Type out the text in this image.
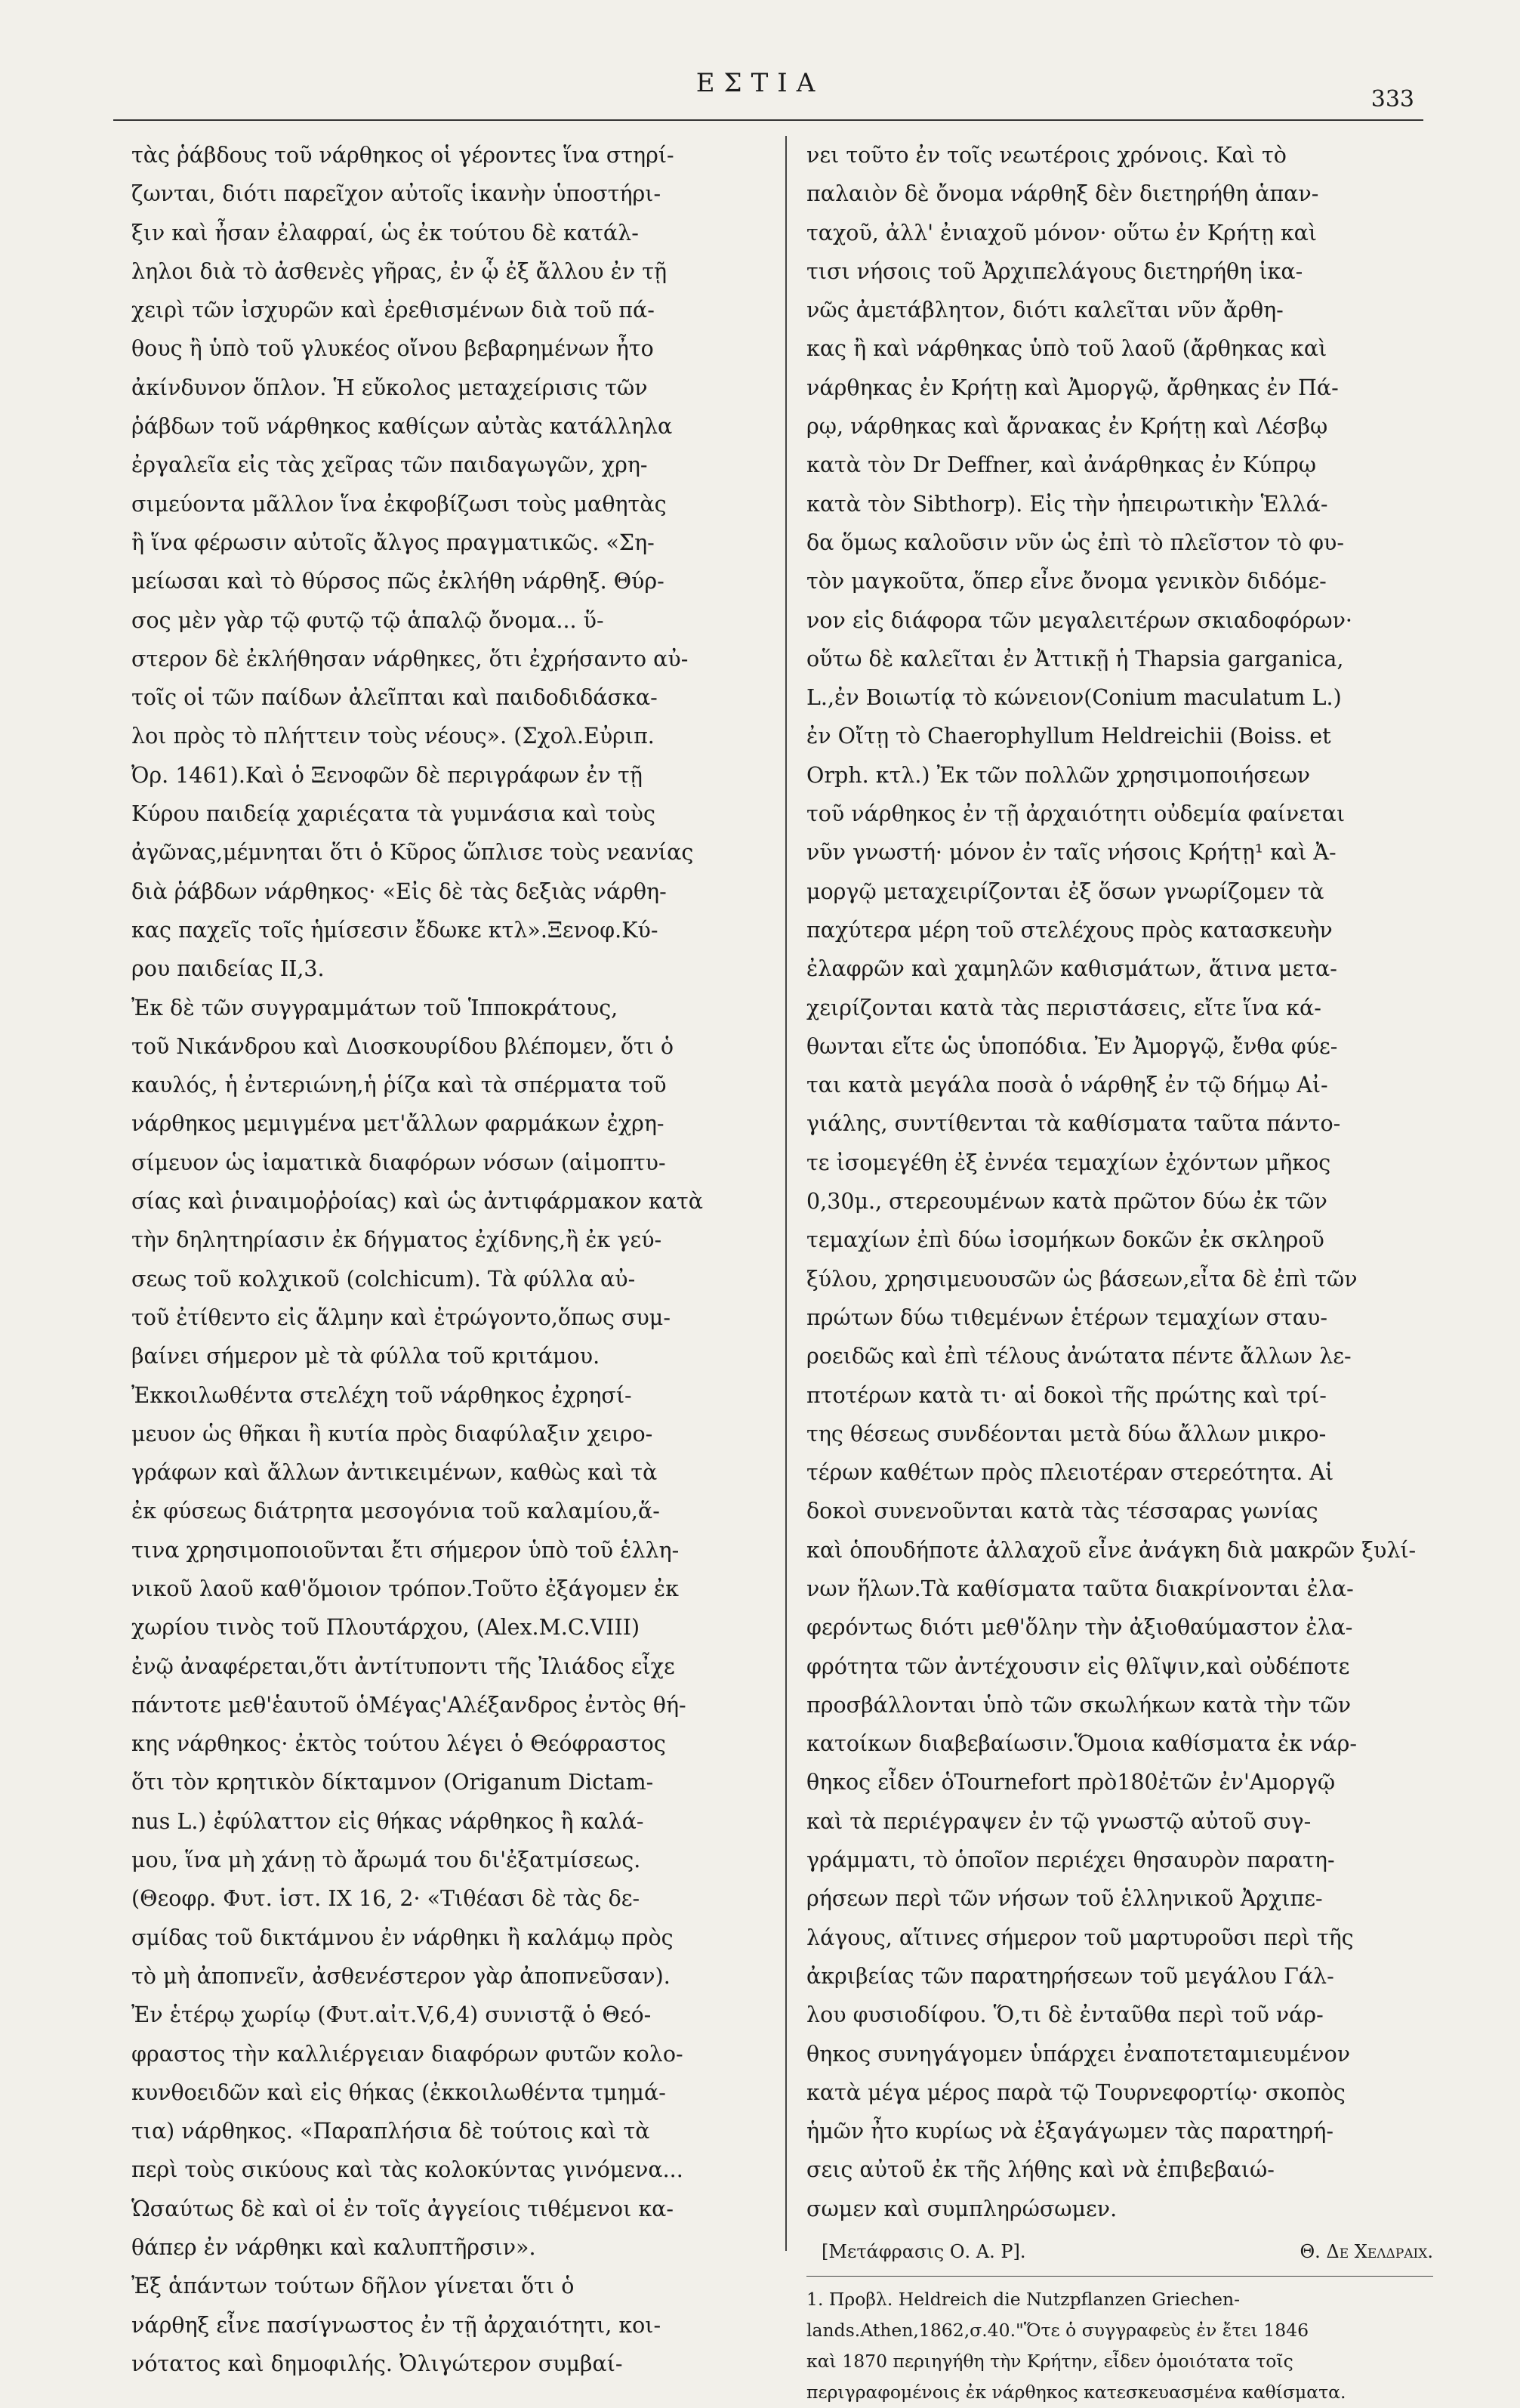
ΕΣΤΙΑ
333
τὰς ῥάβδους τοῦ νάρθηκος οἱ γέροντες ἵνα στηρί-
ζωνται, διότι παρεῖχον αὐτοῖς ἱκανὴν ὑποστήρι-
ξιν καὶ ἦσαν ἐλαφραί, ὡς ἐκ τούτου δὲ κατάλ-
ληλοι διὰ τὸ ἀσθενὲς γῆρας, ἐν ᾧ ἐξ ἄλλου ἐν τῇ
χειρὶ τῶν ἰσχυρῶν καὶ ἐρεθισμένων διὰ τοῦ πά-
θους ἢ ὑπὸ τοῦ γλυκέος οἴνου βεβαρημένων ἦτο
ἀκίνδυνον ὅπλον. Ἡ εὔκολος μεταχείρισις τῶν
ῥάβδων τοῦ νάρθηκος καθίςων αὐτὰς κατάλληλα
ἐργαλεῖα εἰς τὰς χεῖρας τῶν παιδαγωγῶν, χρη-
σιμεύοντα μᾶλλον ἵνα ἐκφοβίζωσι τοὺς μαθητὰς
ἢ ἵνα φέρωσιν αὐτοῖς ἄλγος πραγματικῶς. «Ση-
μείωσαι καὶ τὸ θύρσος πῶς ἐκλήθη νάρθηξ. Θύρ-
σος μὲν γὰρ τῷ φυτῷ τῷ ἁπαλῷ ὄνομα... ὕ-
στερον δὲ ἐκλήθησαν νάρθηκες, ὅτι ἐχρήσαντο αὐ-
τοῖς οἱ τῶν παίδων ἀλεῖπται καὶ παιδοδιδάσκα-
λοι πρὸς τὸ πλήττειν τοὺς νέους». (Σχολ.Εὐριπ.
Ὀρ. 1461).Καὶ ὁ Ξενοφῶν δὲ περιγράφων ἐν τῇ
Κύρου παιδείᾳ χαριέςατα τὰ γυμνάσια καὶ τοὺς
ἀγῶνας,μέμνηται ὅτι ὁ Κῦρος ὥπλισε τοὺς νεανίας
διὰ ῥάβδων νάρθηκος· «Εἰς δὲ τὰς δεξιὰς νάρθη-
κας παχεῖς τοῖς ἡμίσεσιν ἔδωκε κτλ».Ξενοφ.Κύ-
ρου παιδείας ΙΙ,3.
Ἐκ δὲ τῶν συγγραμμάτων τοῦ Ἱπποκράτους,
τοῦ Νικάνδρου καὶ Διοσκουρίδου βλέπομεν, ὅτι ὁ
καυλός, ἡ ἐντεριώνη,ἡ ῥίζα καὶ τὰ σπέρματα τοῦ
νάρθηκος μεμιγμένα μετ'ἄλλων φαρμάκων ἐχρη-
σίμευον ὡς ἰαματικὰ διαφόρων νόσων (αἱμοπτυ-
σίας καὶ ῥιναιμοῤῥοίας) καὶ ὡς ἀντιφάρμακον κατὰ
τὴν δηλητηρίασιν ἐκ δήγματος ἐχίδνης,ἢ ἐκ γεύ-
σεως τοῦ κολχικοῦ (colchicum). Τὰ φύλλα αὐ-
τοῦ ἐτίθεντο εἰς ἅλμην καὶ ἐτρώγοντο,ὅπως συμ-
βαίνει σήμερον μὲ τὰ φύλλα τοῦ κριτάμου.
Ἐκκοιλωθέντα στελέχη τοῦ νάρθηκος ἐχρησί-
μευον ὡς θῆκαι ἢ κυτία πρὸς διαφύλαξιν χειρο-
γράφων καὶ ἄλλων ἀντικειμένων, καθὼς καὶ τὰ
ἐκ φύσεως διάτρητα μεσογόνια τοῦ καλαμίου,ἅ-
τινα χρησιμοποιοῦνται ἔτι σήμερον ὑπὸ τοῦ ἑλλη-
νικοῦ λαοῦ καθ'ὅμοιον τρόπον.Τοῦτο ἐξάγομεν ἐκ
χωρίου τινὸς τοῦ Πλουτάρχου, (Alex.M.C.VIII)
ἐνῷ ἀναφέρεται,ὅτι ἀντίτυποντι τῆς Ἰλιάδος εἶχε
πάντοτε μεθ'ἑαυτοῦ ὁΜέγας'Αλέξανδρος ἐντὸς θή-
κης νάρθηκος· ἐκτὸς τούτου λέγει ὁ Θεόφραστος
ὅτι τὸν κρητικὸν δίκταμνον (Origanum Dictam-
nus L.) ἐφύλαττον εἰς θήκας νάρθηκος ἢ καλά-
μου, ἵνα μὴ χάνῃ τὸ ἄρωμά του δι'ἐξατμίσεως.
(Θεοφρ. Φυτ. ἱστ. ΙΧ 16, 2· «Τιθέασι δὲ τὰς δε-
σμίδας τοῦ δικτάμνου ἐν νάρθηκι ἢ καλάμῳ πρὸς
τὸ μὴ ἀποπνεῖν, ἀσθενέστερον γὰρ ἀποπνεῦσαν).
Ἐν ἑτέρῳ χωρίῳ (Φυτ.αἰτ.V,6,4) συνιστᾷ ὁ Θεό-
φραστος τὴν καλλιέργειαν διαφόρων φυτῶν κολο-
κυνθοειδῶν καὶ εἰς θήκας (ἐκκοιλωθέντα τμημά-
τια) νάρθηκος. «Παραπλήσια δὲ τούτοις καὶ τὰ
περὶ τοὺς σικύους καὶ τὰς κολοκύντας γινόμενα...
Ὡσαύτως δὲ καὶ οἱ ἐν τοῖς ἀγγείοις τιθέμενοι κα-
θάπερ ἐν νάρθηκι καὶ καλυπτῆρσιν».
Ἐξ ἁπάντων τούτων δῆλον γίνεται ὅτι ὁ
νάρθηξ εἶνε πασίγνωστος ἐν τῇ ἀρχαιότητι, κοι-
νότατος καὶ δημοφιλής. Ὀλιγώτερον συμβαί-
νει τοῦτο ἐν τοῖς νεωτέροις χρόνοις. Καὶ τὸ
παλαιὸν δὲ ὄνομα νάρθηξ δὲν διετηρήθη ἁπαν-
ταχοῦ, ἀλλ' ἐνιαχοῦ μόνον· οὕτω ἐν Κρήτῃ καὶ
τισι νήσοις τοῦ Ἀρχιπελάγους διετηρήθη ἱκα-
νῶς ἀμετάβλητον, διότι καλεῖται νῦν ἄρθη-
κας ἢ καὶ νάρθηκας ὑπὸ τοῦ λαοῦ (ἄρθηκας καὶ
νάρθηκας ἐν Κρήτῃ καὶ Ἀμοργῷ, ἄρθηκας ἐν Πά-
ρῳ, νάρθηκας καὶ ἄρνακας ἐν Κρήτῃ καὶ Λέσβῳ
κατὰ τὸν Dr Deffner, καὶ ἀνάρθηκας ἐν Κύπρῳ
κατὰ τὸν Sibthorp). Εἰς τὴν ἠπειρωτικὴν Ἑλλά-
δα ὅμως καλοῦσιν νῦν ὡς ἐπὶ τὸ πλεῖστον τὸ φυ-
τὸν μαγκοῦτα, ὅπερ εἶνε ὄνομα γενικὸν διδόμε-
νον εἰς διάφορα τῶν μεγαλειτέρων σκιαδοφόρων·
οὕτω δὲ καλεῖται ἐν Ἀττικῇ ἡ Thapsia garganica,
L.,ἐν Βοιωτίᾳ τὸ κώνειον(Conium maculatum L.)
ἐν Οἴτῃ τὸ Chaerophyllum Heldreichii (Boiss. et
Orph. κτλ.) Ἐκ τῶν πολλῶν χρησιμοποιήσεων
τοῦ νάρθηκος ἐν τῇ ἀρχαιότητι οὐδεμία φαίνεται
νῦν γνωστή· μόνον ἐν ταῖς νήσοις Κρήτῃ¹ καὶ Ἀ-
μοργῷ μεταχειρίζονται ἐξ ὅσων γνωρίζομεν τὰ
παχύτερα μέρη τοῦ στελέχους πρὸς κατασκευὴν
ἐλαφρῶν καὶ χαμηλῶν καθισμάτων, ἅτινα μετα-
χειρίζονται κατὰ τὰς περιστάσεις, εἴτε ἵνα κά-
θωνται εἴτε ὡς ὑποπόδια. Ἐν Ἀμοργῷ, ἔνθα φύε-
ται κατὰ μεγάλα ποσὰ ὁ νάρθηξ ἐν τῷ δήμῳ Αἰ-
γιάλης, συντίθενται τὰ καθίσματα ταῦτα πάντο-
τε ἰσομεγέθη ἐξ ἐννέα τεμαχίων ἐχόντων μῆκος
0,30μ., στερεουμένων κατὰ πρῶτον δύω ἐκ τῶν
τεμαχίων ἐπὶ δύω ἰσομήκων δοκῶν ἐκ σκληροῦ
ξύλου, χρησιμευουσῶν ὡς βάσεων,εἶτα δὲ ἐπὶ τῶν
πρώτων δύω τιθεμένων ἑτέρων τεμαχίων σταυ-
ροειδῶς καὶ ἐπὶ τέλους ἀνώτατα πέντε ἄλλων λε-
πτοτέρων κατὰ τι· αἱ δοκοὶ τῆς πρώτης καὶ τρί-
της θέσεως συνδέονται μετὰ δύω ἄλλων μικρο-
τέρων καθέτων πρὸς πλειοτέραν στερεότητα. Αἱ
δοκοὶ συνενοῦνται κατὰ τὰς τέσσαρας γωνίας
καὶ ὁπουδήποτε ἀλλαχοῦ εἶνε ἀνάγκη διὰ μακρῶν ξυλί-
νων ἥλων.Τὰ καθίσματα ταῦτα διακρίνονται ἐλα-
φερόντως διότι μεθ'ὅλην τὴν ἀξιοθαύμαστον ἐλα-
φρότητα τῶν ἀντέχουσιν εἰς θλῖψιν,καὶ οὐδέποτε
προσβάλλονται ὑπὸ τῶν σκωλήκων κατὰ τὴν τῶν
κατοίκων διαβεβαίωσιν.Ὅμοια καθίσματα ἐκ νάρ-
θηκος εἶδεν ὁTournefort πρὸ180ἐτῶν ἐν'Αμοργῷ
καὶ τὰ περιέγραψεν ἐν τῷ γνωστῷ αὐτοῦ συγ-
γράμματι, τὸ ὁποῖον περιέχει θησαυρὸν παρατη-
ρήσεων περὶ τῶν νήσων τοῦ ἑλληνικοῦ Ἀρχιπε-
λάγους, αἵτινες σήμερον τοῦ μαρτυροῦσι περὶ τῆς
ἀκριβείας τῶν παρατηρήσεων τοῦ μεγάλου Γάλ-
λου φυσιοδίφου. Ὅ,τι δὲ ἐνταῦθα περὶ τοῦ νάρ-
θηκος συνηγάγομεν ὑπάρχει ἐναποτεταμιευμένον
κατὰ μέγα μέρος παρὰ τῷ Τουρνεφορτίῳ· σκοπὸς
ἡμῶν ἦτο κυρίως νὰ ἐξαγάγωμεν τὰς παρατηρή-
σεις αὐτοῦ ἐκ τῆς λήθης καὶ νὰ ἐπιβεβαιώ-
σωμεν καὶ συμπληρώσωμεν.
[Μετάφρασις Ο. Α. Ρ].	Θ. Δε Χελδραιχ.
1. Προβλ. Heldreich die Nutzpflanzen Griechen-
lands.Athen,1862,σ.40."Ὅτε ὁ συγγραφεὺς ἐν ἔτει 1846
καὶ 1870 περιηγήθη τὴν Κρήτην, εἶδεν ὁμοιότατα τοῖς
περιγραφομένοις ἐκ νάρθηκος κατεσκευασμένα καθίσματα.
